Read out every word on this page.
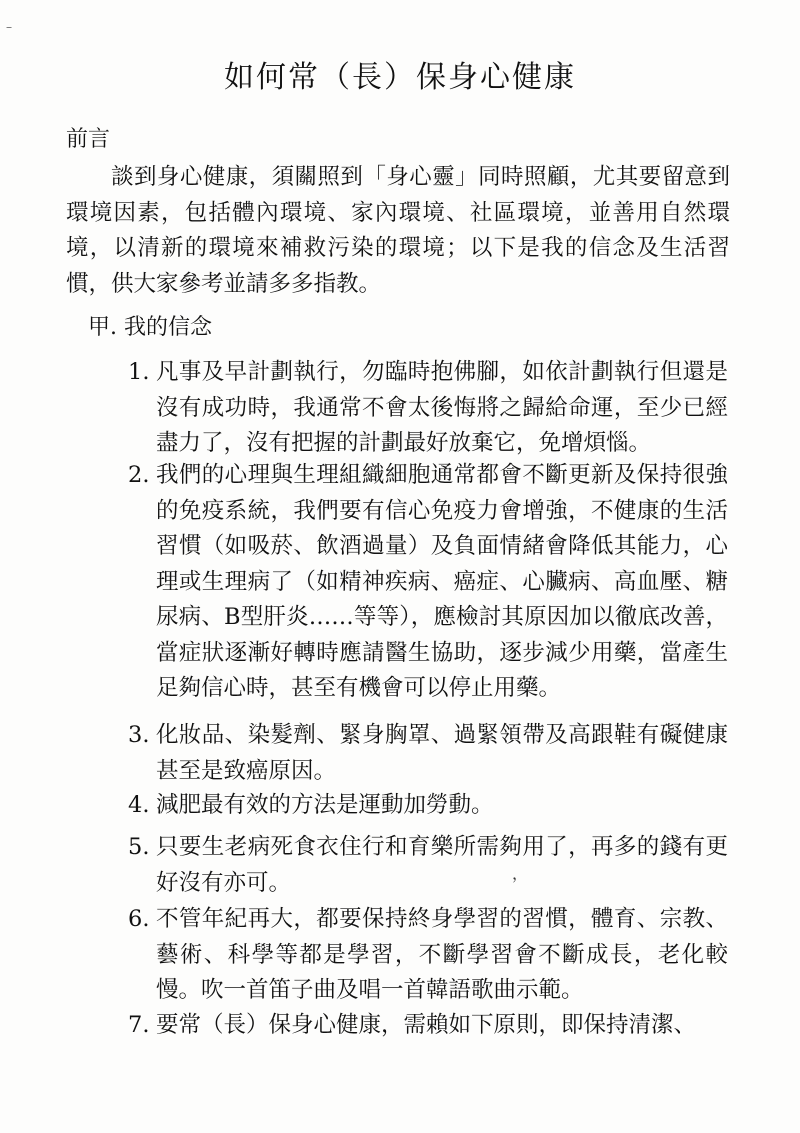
--
如何常（長）保身心健康
前言

談到身心健康，須關照到「身心靈」同時照顧，尤其要留意到環境因素，包括體內環境、家內環境、社區環境，並善用自然環境，以清新的環境來補救污染的環境；以下是我的信念及生活習慣，供大家參考並請多多指教。

甲. 我的信念
1. 凡事及早計劃執行，勿臨時抱佛腳，如依計劃執行但還是沒有成功時，我通常不會太後悔將之歸給命運，至少已經盡力了，沒有把握的計劃最好放棄它，免增煩惱。
2. 我們的心理與生理組織細胞通常都會不斷更新及保持很強的免疫系統，我們要有信心免疫力會增強，不健康的生活習慣（如吸菸、飲酒過量）及負面情緒會降低其能力，心理或生理病了（如精神疾病、癌症、心臟病、高血壓、糖尿病、B型肝炎……等等），應檢討其原因加以徹底改善，當症狀逐漸好轉時應請醫生協助，逐步減少用藥，當產生足夠信心時，甚至有機會可以停止用藥。
3. 化妝品、染髮劑、緊身胸罩、過緊領帶及高跟鞋有礙健康甚至是致癌原因。
4. 減肥最有效的方法是運動加勞動。
5. 只要生老病死食衣住行和育樂所需夠用了，再多的錢有更好沒有亦可。
6. 不管年紀再大，都要保持終身學習的習慣，體育、宗教、藝術、科學等都是學習，不斷學習會不斷成長，老化較慢。吹一首笛子曲及唱一首韓語歌曲示範。
7. 要常（長）保身心健康，需賴如下原則，即保持清潔、
，
